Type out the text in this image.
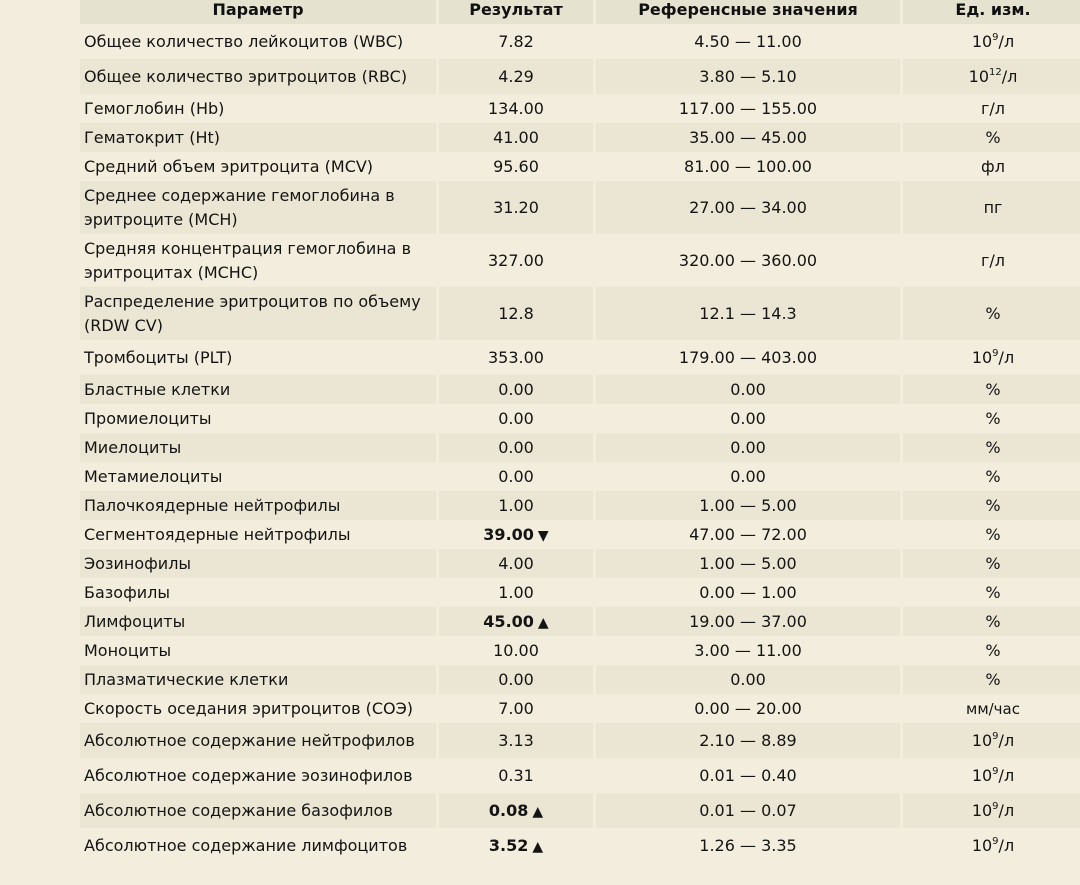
Параметр	Результат	Референсные значения	Ед. изм.
Общее количество лейкоцитов (WBC)	7.82	4.50 — 11.00	$10^9/л$
Общее количество эритроцитов (RBC)	4.29	3.80 — 5.10	$10^{12}/л$
Гемоглобин (Hb)	134.00	117.00 — 155.00	г/л
Гематокрит (Ht)	41.00	35.00 — 45.00	%
Средний объем эритроцита (MCV)	95.60	81.00 — 100.00	фл
Среднее содержание гемоглобина в
эритроците (MCH)	31.20	27.00 — 34.00	пг
Средняя концентрация гемоглобина в
эритроцитах (MCHC)	327.00	320.00 — 360.00	г/л
Распределение эритроцитов по объему
(RDW CV)	12.8	12.1 — 14.3	%
Тромбоциты (PLT)	353.00	179.00 — 403.00	$10^9/л$
Бластные клетки	0.00	0.00	%
Промиелоциты	0.00	0.00	%
Миелоциты	0.00	0.00	%
Метамиелоциты	0.00	0.00	%
Палочкоядерные нейтрофилы	1.00	1.00 — 5.00	%
Сегментоядерные нейтрофилы	39.00 ▼	47.00 — 72.00	%
Эозинофилы	4.00	1.00 — 5.00	%
Базофилы	1.00	0.00 — 1.00	%
Лимфоциты	45.00 ▲	19.00 — 37.00	%
Моноциты	10.00	3.00 — 11.00	%
Плазматические клетки	0.00	0.00	%
Скорость оседания эритроцитов (СОЭ)	7.00	0.00 — 20.00	мм/час
Абсолютное содержание нейтрофилов	3.13	2.10 — 8.89	$10^9/л$
Абсолютное содержание эозинофилов	0.31	0.01 — 0.40	$10^9/л$
Абсолютное содержание базофилов	0.08 ▲	0.01 — 0.07	$10^9/л$
Абсолютное содержание лимфоцитов	3.52 ▲	1.26 — 3.35	$10^9/л$
